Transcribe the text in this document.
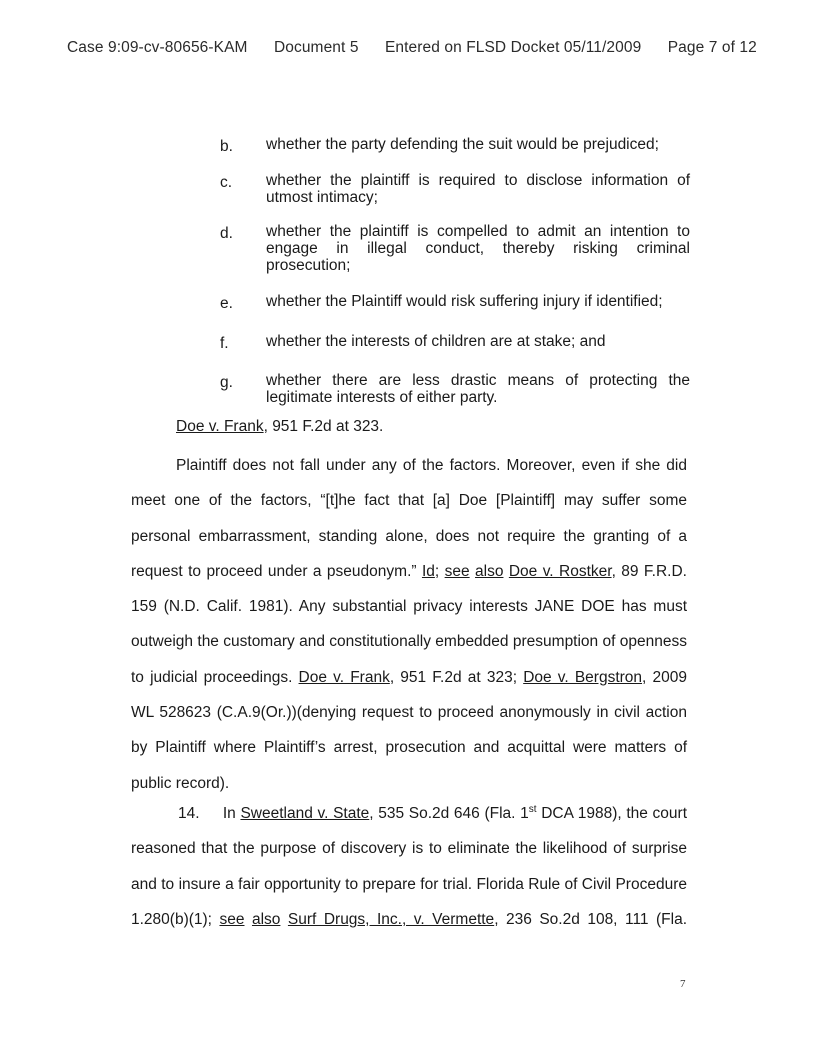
Case 9:09-cv-80656-KAM Document 5 Entered on FLSD Docket 05/11/2009 Page 7 of 12
b.	whether the party defending the suit would be prejudiced;
c.	whether the plaintiff is required to disclose information of utmost intimacy;
d.	whether the plaintiff is compelled to admit an intention to engage in illegal conduct, thereby risking criminal prosecution;
e.	whether the Plaintiff would risk suffering injury if identified;
f.	whether the interests of children are at stake; and
g.	whether there are less drastic means of protecting the legitimate interests of either party.
Doe v. Frank, 951 F.2d at 323.
Plaintiff does not fall under any of the factors. Moreover, even if she did
meet one of the factors, “[t]he fact that [a] Doe [Plaintiff] may suffer some
personal embarrassment, standing alone, does not require the granting of a
request to proceed under a pseudonym.” Id; see also Doe v. Rostker, 89 F.R.D.
159 (N.D. Calif. 1981). Any substantial privacy interests JANE DOE has must
outweigh the customary and constitutionally embedded presumption of openness
to judicial proceedings. Doe v. Frank, 951 F.2d at 323; Doe v. Bergstron, 2009
WL 528623 (C.A.9(Or.))(denying request to proceed anonymously in civil action
by Plaintiff where Plaintiff’s arrest, prosecution and acquittal were matters of
public record).
14. In Sweetland v. State, 535 So.2d 646 (Fla. 1st DCA 1988), the court
reasoned that the purpose of discovery is to eliminate the likelihood of surprise
and to insure a fair opportunity to prepare for trial. Florida Rule of Civil Procedure
1.280(b)(1); see also Surf Drugs, Inc., v. Vermette, 236 So.2d 108, 111 (Fla.
7
